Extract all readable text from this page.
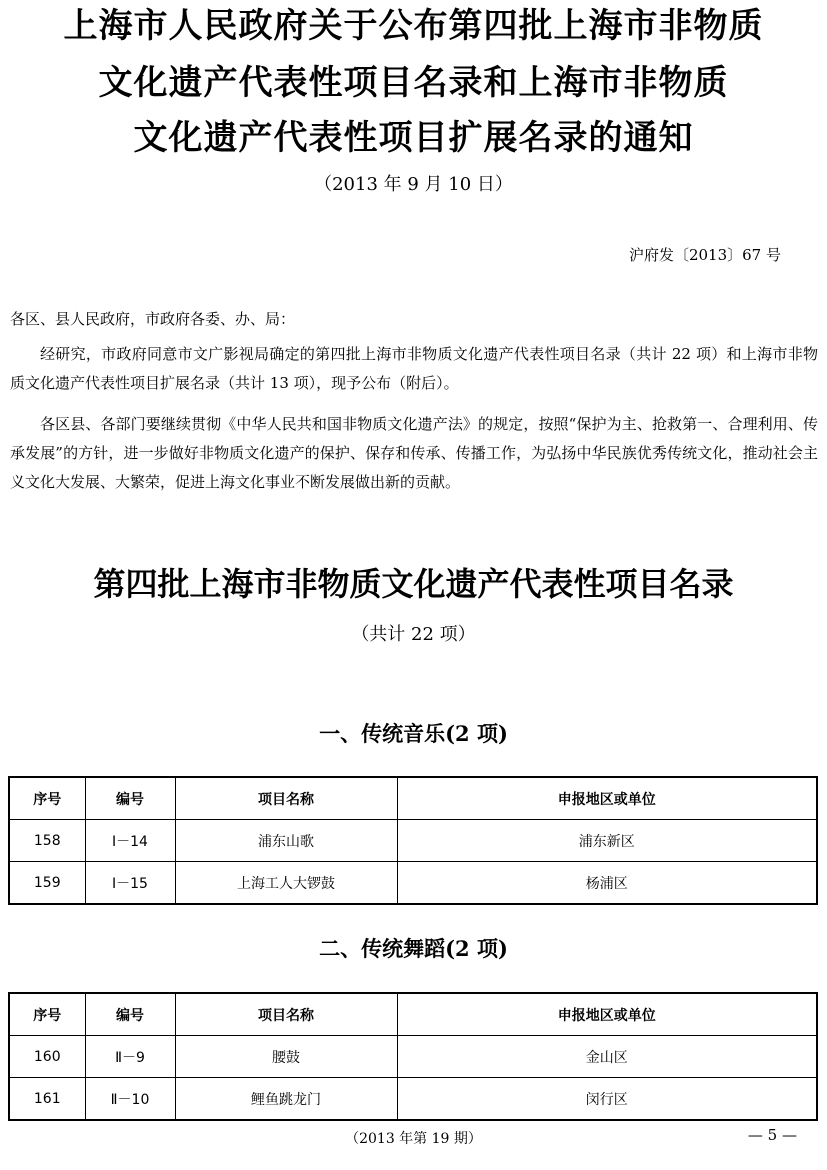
上海市人民政府关于公布第四批上海市非物质
文化遗产代表性项目名录和上海市非物质
文化遗产代表性项目扩展名录的通知
（2013 年 9 月 10 日）
沪府发〔2013〕67 号
各区、县人民政府，市政府各委、办、局：
经研究，市政府同意市文广影视局确定的第四批上海市非物质文化遗产代表性项目名录（共计 22 项）和上海市非物质文化遗产代表性项目扩展名录（共计 13 项），现予公布（附后）。
各区县、各部门要继续贯彻《中华人民共和国非物质文化遗产法》的规定，按照“保护为主、抢救第一、合理利用、传承发展”的方针，进一步做好非物质文化遗产的保护、保存和传承、传播工作，为弘扬中华民族优秀传统文化，推动社会主义文化大发展、大繁荣，促进上海文化事业不断发展做出新的贡献。
第四批上海市非物质文化遗产代表性项目名录
（共计 22 项）
一、传统音乐(2 项)
序号	编号	项目名称	申报地区或单位
158	Ⅰ－14	浦东山歌	浦东新区
159	Ⅰ－15	上海工人大锣鼓	杨浦区
二、传统舞蹈(2 项)
序号	编号	项目名称	申报地区或单位
160	Ⅱ－9	腰鼓	金山区
161	Ⅱ－10	鲤鱼跳龙门	闵行区
（2013 年第 19 期）	— 5 —
